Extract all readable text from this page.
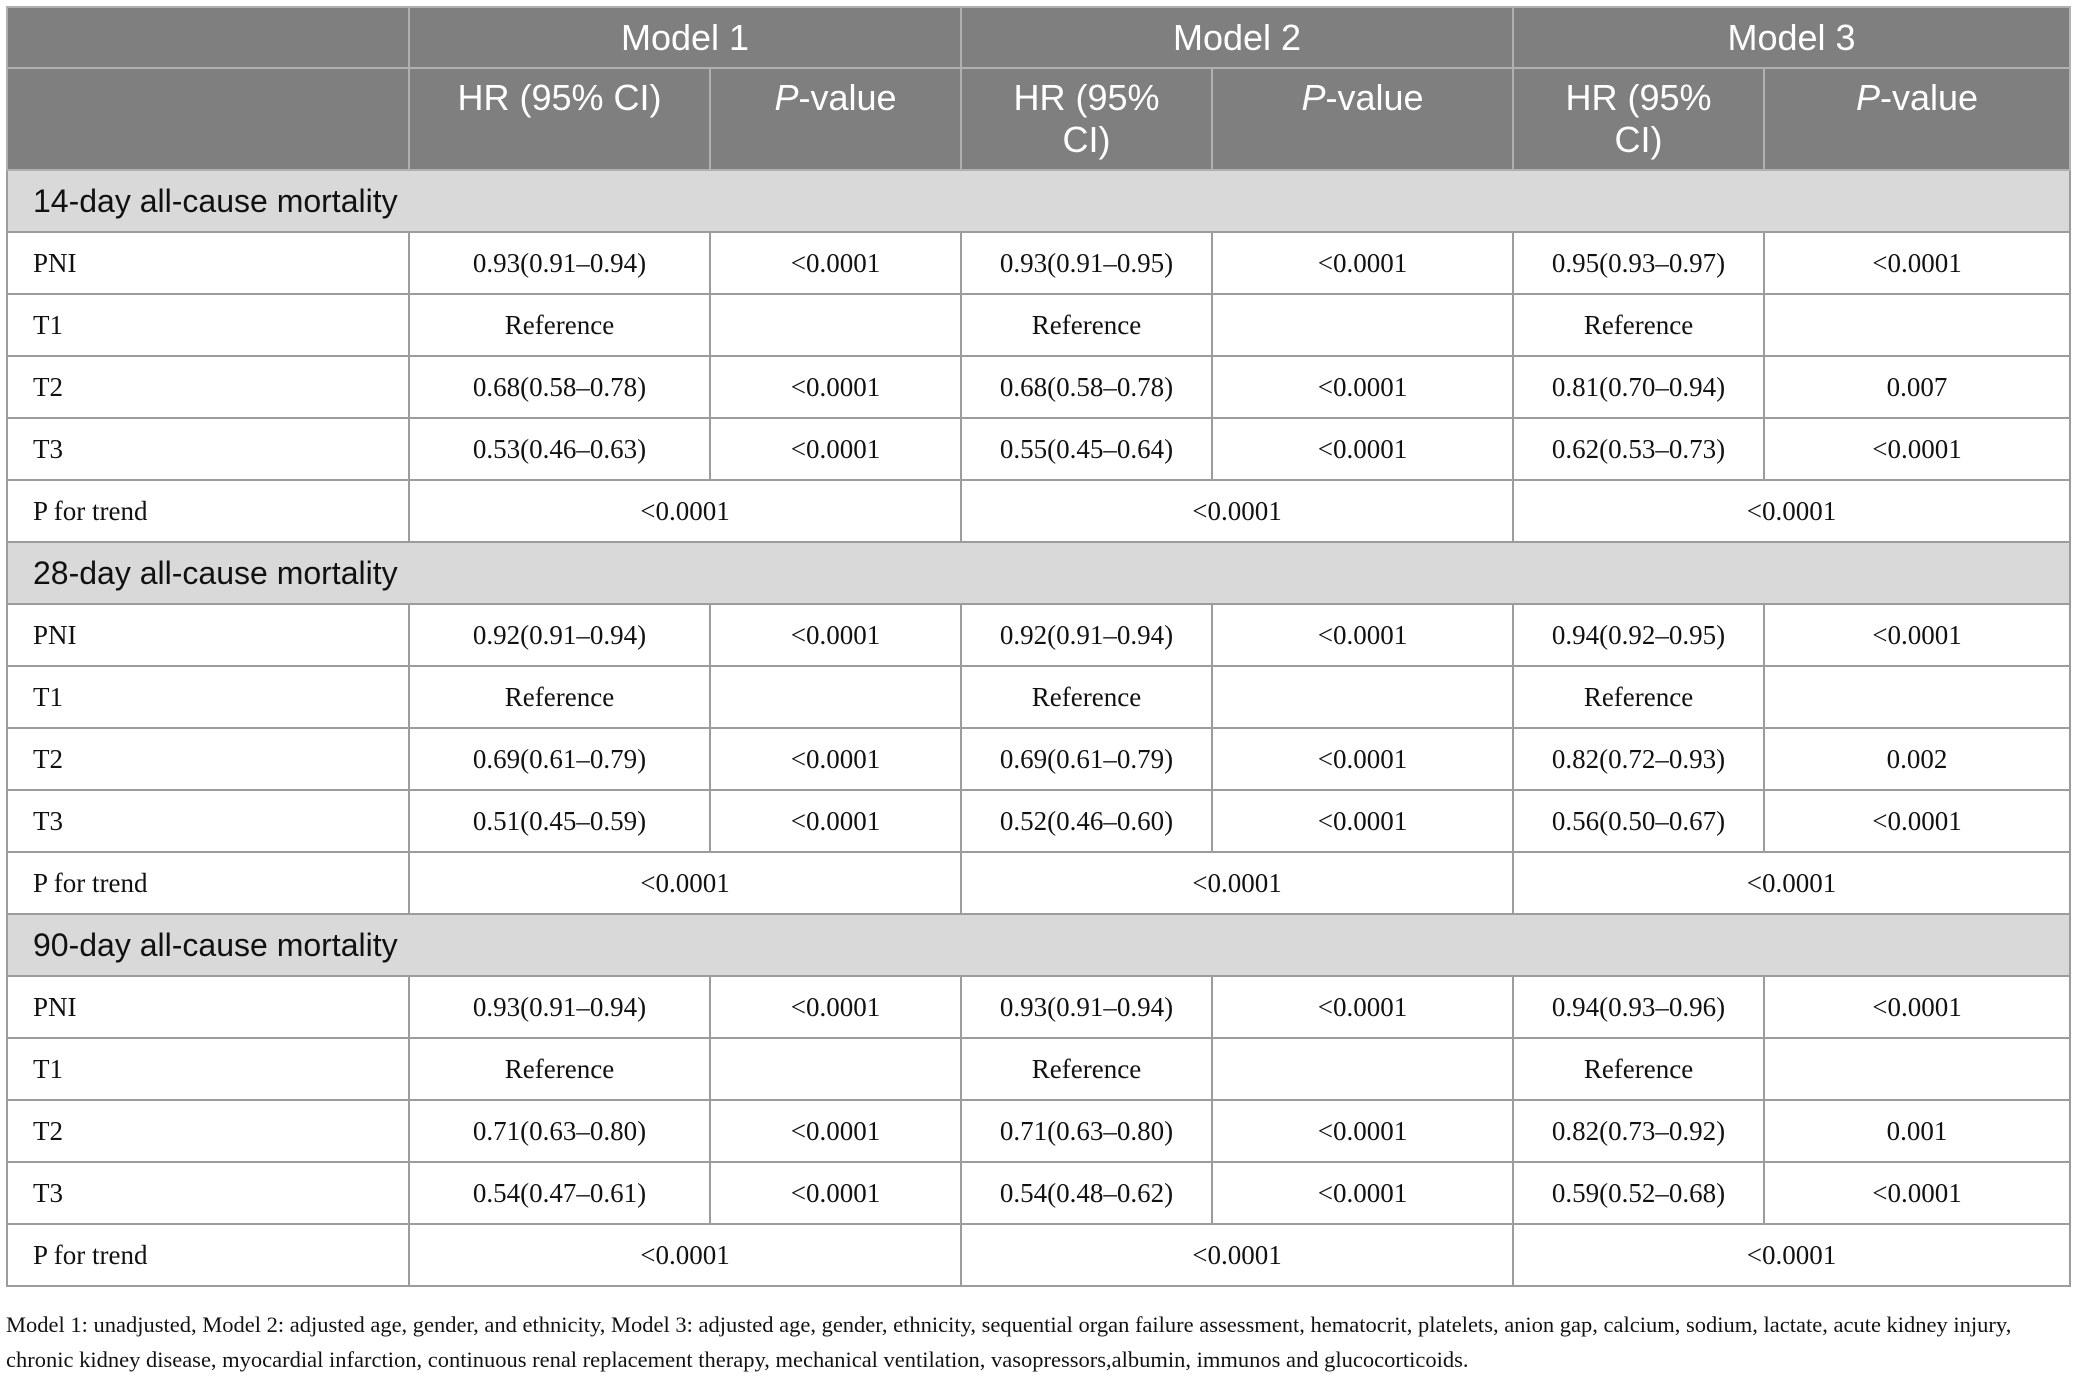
	Model 1		Model 2		Model 3	
	HR (95% CI)	P-value	HR (95% CI)	P-value	HR (95% CI)	P-value
14-day all-cause mortality						
PNI	0.93(0.91–0.94)	<0.0001	0.93(0.91–0.95)	<0.0001	0.95(0.93–0.97)	<0.0001
T1	Reference		Reference		Reference	
T2	0.68(0.58–0.78)	<0.0001	0.68(0.58–0.78)	<0.0001	0.81(0.70–0.94)	0.007
T3	0.53(0.46–0.63)	<0.0001	0.55(0.45–0.64)	<0.0001	0.62(0.53–0.73)	<0.0001
P for trend	<0.0001		<0.0001		<0.0001	
28-day all-cause mortality						
PNI	0.92(0.91–0.94)	<0.0001	0.92(0.91–0.94)	<0.0001	0.94(0.92–0.95)	<0.0001
T1	Reference		Reference		Reference	
T2	0.69(0.61–0.79)	<0.0001	0.69(0.61–0.79)	<0.0001	0.82(0.72–0.93)	0.002
T3	0.51(0.45–0.59)	<0.0001	0.52(0.46–0.60)	<0.0001	0.56(0.50–0.67)	<0.0001
P for trend	<0.0001		<0.0001		<0.0001	
90-day all-cause mortality						
PNI	0.93(0.91–0.94)	<0.0001	0.93(0.91–0.94)	<0.0001	0.94(0.93–0.96)	<0.0001
T1	Reference		Reference		Reference	
T2	0.71(0.63–0.80)	<0.0001	0.71(0.63–0.80)	<0.0001	0.82(0.73–0.92)	0.001
T3	0.54(0.47–0.61)	<0.0001	0.54(0.48–0.62)	<0.0001	0.59(0.52–0.68)	<0.0001
P for trend	<0.0001		<0.0001		<0.0001	
Model 1: unadjusted, Model 2: adjusted age, gender, and ethnicity, Model 3: adjusted age, gender, ethnicity, sequential organ failure assessment, hematocrit, platelets, anion gap, calcium, sodium, lactate, acute kidney injury, chronic kidney disease, myocardial infarction, continuous renal replacement therapy, mechanical ventilation, vasopressors,albumin, immunos and glucocorticoids.
